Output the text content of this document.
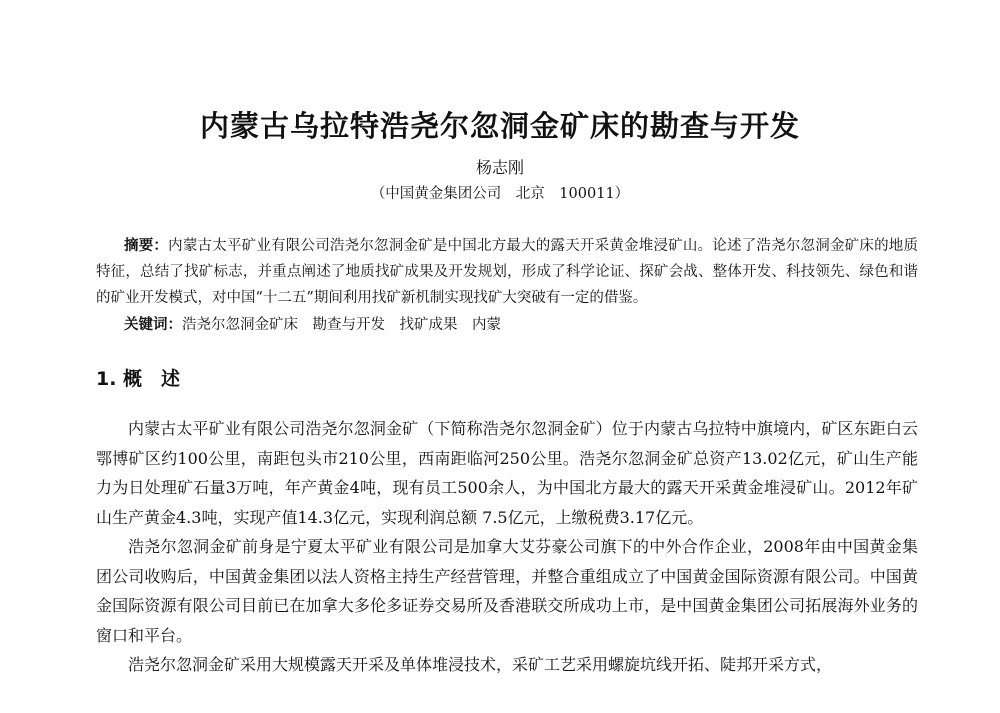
内蒙古乌拉特浩尧尔忽洞金矿床的勘查与开发
杨志刚
（中国黄金集团公司　北京　100011）
摘要：内蒙古太平矿业有限公司浩尧尔忽洞金矿是中国北方最大的露天开采黄金堆浸矿山。论述了浩尧尔忽洞金矿床的地质特征，总结了找矿标志，并重点阐述了地质找矿成果及开发规划，形成了科学论证、探矿会战、整体开发、科技领先、绿色和谐的矿业开发模式，对中国“十二五”期间利用找矿新机制实现找矿大突破有一定的借鉴。
关键词：浩尧尔忽洞金矿床　勘查与开发　找矿成果　内蒙
1. 概　述

内蒙古太平矿业有限公司浩尧尔忽洞金矿（下简称浩尧尔忽洞金矿）位于内蒙古乌拉特中旗境内，矿区东距白云鄂博矿区约100公里，南距包头市210公里，西南距临河250公里。浩尧尔忽洞金矿总资产13.02亿元，矿山生产能力为日处理矿石量3万吨，年产黄金4吨，现有员工500余人，为中国北方最大的露天开采黄金堆浸矿山。2012年矿山生产黄金4.3吨，实现产值14.3亿元，实现利润总额 7.5亿元，上缴税费3.17亿元。

浩尧尔忽洞金矿前身是宁夏太平矿业有限公司是加拿大艾芬豪公司旗下的中外合作企业，2008年由中国黄金集团公司收购后，中国黄金集团以法人资格主持生产经营管理，并整合重组成立了中国黄金国际资源有限公司。中国黄金国际资源有限公司目前已在加拿大多伦多证券交易所及香港联交所成功上市，是中国黄金集团公司拓展海外业务的窗口和平台。

浩尧尔忽洞金矿采用大规模露天开采及单体堆浸技术，采矿工艺采用螺旋坑线开拓、陡邦开采方式，
